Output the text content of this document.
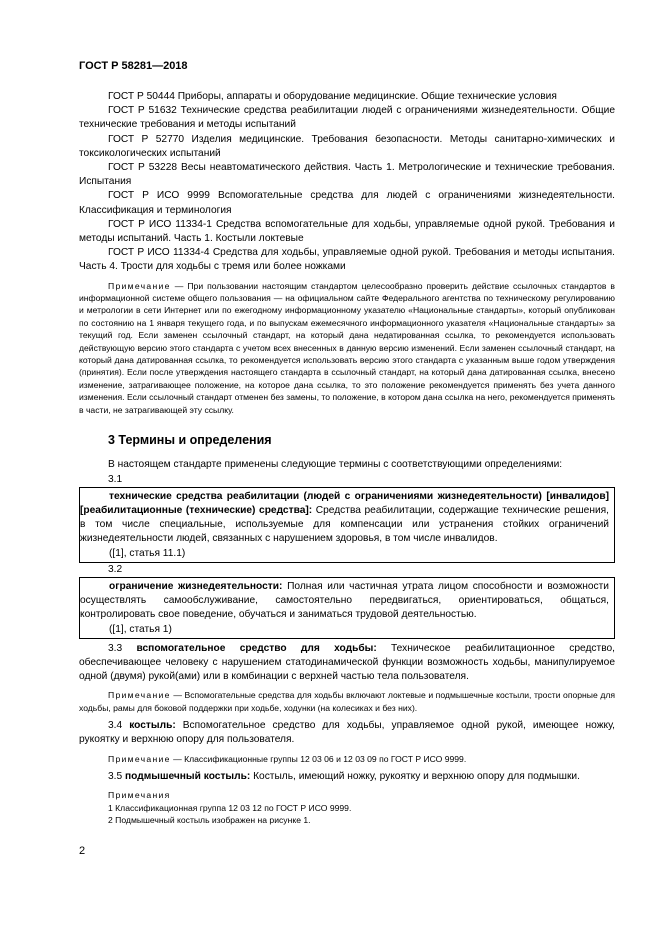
ГОСТ Р 58281—2018

ГОСТ Р 50444 Приборы, аппараты и оборудование медицинские. Общие технические условия

ГОСТ Р 51632 Технические средства реабилитации людей с ограничениями жизнедеятельности. Общие технические требования и методы испытаний

ГОСТ Р 52770 Изделия медицинские. Требования безопасности. Методы санитарно-химических и токсикологических испытаний

ГОСТ Р 53228 Весы неавтоматического действия. Часть 1. Метрологические и технические требования. Испытания

ГОСТ Р ИСО 9999 Вспомогательные средства для людей с ограничениями жизнедеятельности. Классификация и терминология

ГОСТ Р ИСО 11334-1 Средства вспомогательные для ходьбы, управляемые одной рукой. Требования и методы испытаний. Часть 1. Костыли локтевые

ГОСТ Р ИСО 11334-4 Средства для ходьбы, управляемые одной рукой. Требования и методы испытания. Часть 4. Трости для ходьбы с тремя или более ножками

Примечание — При пользовании настоящим стандартом целесообразно проверить действие ссылочных стандартов в информационной системе общего пользования — на официальном сайте Федерального агентства по техническому регулированию и метрологии в сети Интернет или по ежегодному информационному указателю «Национальные стандарты», который опубликован по состоянию на 1 января текущего года, и по выпускам ежемесячного информационного указателя «Национальные стандарты» за текущий год. Если заменен ссылочный стандарт, на который дана недатированная ссылка, то рекомендуется использовать действующую версию этого стандарта с учетом всех внесенных в данную версию изменений. Если заменен ссылочный стандарт, на который дана датированная ссылка, то рекомендуется использовать версию этого стандарта с указанным выше годом утверждения (принятия). Если после утверждения настоящего стандарта в ссылочный стандарт, на который дана датированная ссылка, внесено изменение, затрагивающее положение, на которое дана ссылка, то это положение рекомендуется применять без учета данного изменения. Если ссылочный стандарт отменен без замены, то положение, в котором дана ссылка на него, рекомендуется применять в части, не затрагивающей эту ссылку.

3 Термины и определения

В настоящем стандарте применены следующие термины с соответствующими определениями:

3.1

технические средства реабилитации (людей с ограничениями жизнедеятельности) [инвалидов] [реабилитационные (технические) средства]: Средства реабилитации, содержащие технические решения, в том числе специальные, используемые для компенсации или устранения стойких ограничений жизнедеятельности людей, связанных с нарушением здоровья, в том числе инвалидов.

([1], статья 11.1)

3.2

ограничение жизнедеятельности: Полная или частичная утрата лицом способности и возможности осуществлять самообслуживание, самостоятельно передвигаться, ориентироваться, общаться, контролировать свое поведение, обучаться и заниматься трудовой деятельностью.

([1], статья 1)

3.3 вспомогательное средство для ходьбы: Техническое реабилитационное средство, обеспечивающее человеку с нарушением статодинамической функции возможность ходьбы, манипулируемое одной (двумя) рукой(ами) или в комбинации с верхней частью тела пользователя.

Примечание — Вспомогательные средства для ходьбы включают локтевые и подмышечные костыли, трости опорные для ходьбы, рамы для боковой поддержки при ходьбе, ходунки (на колесиках и без них).

3.4 костыль: Вспомогательное средство для ходьбы, управляемое одной рукой, имеющее ножку, рукоятку и верхнюю опору для пользователя.

Примечание — Классификационные группы 12 03 06 и 12 03 09 по ГОСТ Р ИСО 9999.

3.5 подмышечный костыль: Костыль, имеющий ножку, рукоятку и верхнюю опору для подмышки.

Примечания
1 Классификационная группа 12 03 12 по ГОСТ Р ИСО 9999.
2 Подмышечный костыль изображен на рисунке 1.
2
